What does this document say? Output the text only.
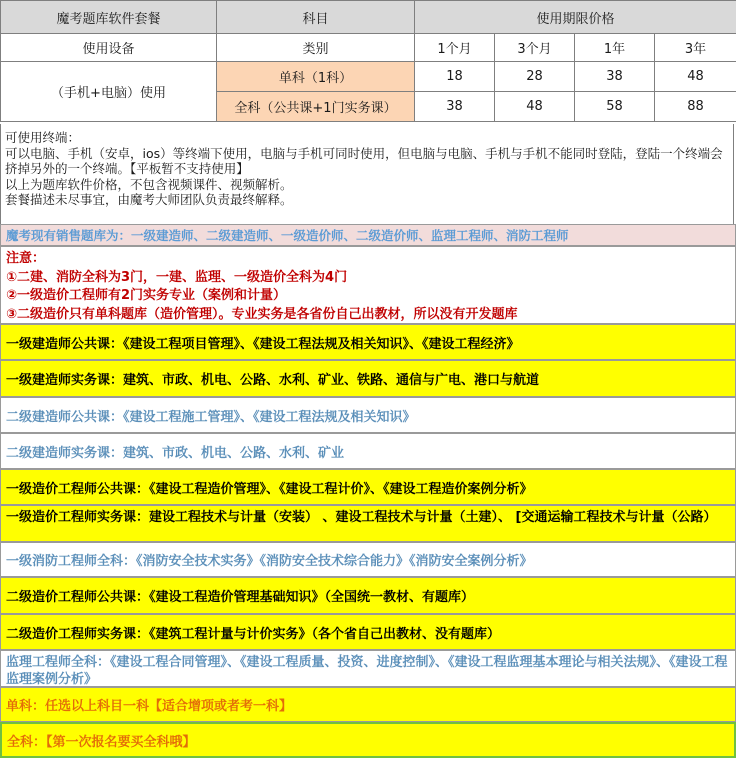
魔考题库软件套餐	科目	使用期限价格			
使用设备	类别	1个月	3个月	1年	3年
（手机+电脑）使用	单科（1科）	18	28	38	48
	全科（公共课+1门实务课）	38	48	58	88
可使用终端：
可以电脑、手机（安卓，ios）等终端下使用，电脑与手机可同时使用，但电脑与电脑、手机与手机不能同时登陆，登陆一个终端会挤掉另外的一个终端。【平板暂不支持使用】
以上为题库软件价格，不包含视频课件、视频解析。
套餐描述未尽事宜，由魔考大师团队负责最终解释。
魔考现有销售题库为：一级建造师、二级建造师、一级造价师、二级造价师、监理工程师、消防工程师
注意：
①二建、消防全科为3门，一建、监理、一级造价全科为4门
②一级造价工程师有2门实务专业（案例和计量）
③二级造价只有单科题库（造价管理）。专业实务是各省份自己出教材，所以没有开发题库
一级建造师公共课：《建设工程项目管理》、《建设工程法规及相关知识》、《建设工程经济》
一级建造师实务课：建筑、市政、机电、公路、水利、矿业、铁路、通信与广电、港口与航道
二级建造师公共课：《建设工程施工管理》、《建设工程法规及相关知识》
二级建造师实务课：建筑、市政、机电、公路、水利、矿业
一级造价工程师公共课：《建设工程造价管理》、《建设工程计价》、《建设工程造价案例分析》
一级造价工程师实务课：建设工程技术与计量（安装） 、建设工程技术与计量（土建）、 [交通运输工程技术与计量（公路）
一级消防工程师全科：《消防安全技术实务》《消防安全技术综合能力》《消防安全案例分析》
二级造价工程师公共课：《建设工程造价管理基础知识》（全国统一教材、有题库）
二级造价工程师实务课：《建筑工程计量与计价实务》（各个省自己出教材、没有题库）
监理工程师全科：《建设工程合同管理》、《建设工程质量、投资、进度控制》、《建设工程监理基本理论与相关法规》、《建设工程监理案例分析》
单科：任选以上科目一科【适合增项或者考一科】
全科：【第一次报名要买全科哦】
